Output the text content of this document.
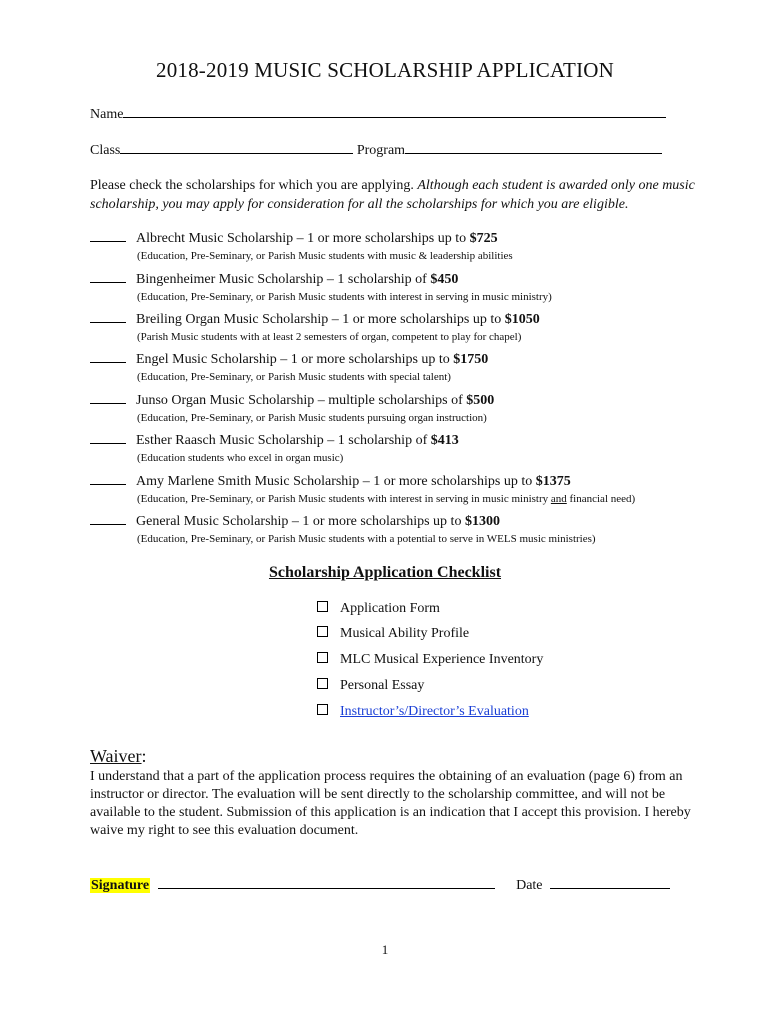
2018-2019 MUSIC SCHOLARSHIP APPLICATION
Name
Class	Program
Please check the scholarships for which you are applying. Although each student is awarded only one music scholarship, you may apply for consideration for all the scholarships for which you are eligible.
Albrecht Music Scholarship – 1 or more scholarships up to $725
(Education, Pre-Seminary, or Parish Music students with music & leadership abilities
Bingenheimer Music Scholarship – 1 scholarship of $450
(Education, Pre-Seminary, or Parish Music students with interest in serving in music ministry)
Breiling Organ Music Scholarship – 1 or more scholarships up to $1050
(Parish Music students with at least 2 semesters of organ, competent to play for chapel)
Engel Music Scholarship – 1 or more scholarships up to $1750
(Education, Pre-Seminary, or Parish Music students with special talent)
Junso Organ Music Scholarship – multiple scholarships of $500
(Education, Pre-Seminary, or Parish Music students pursuing organ instruction)
Esther Raasch Music Scholarship – 1 scholarship of $413
(Education students who excel in organ music)
Amy Marlene Smith Music Scholarship – 1 or more scholarships up to $1375
(Education, Pre-Seminary, or Parish Music students with interest in serving in music ministry and financial need)
General Music Scholarship – 1 or more scholarships up to $1300
(Education, Pre-Seminary, or Parish Music students with a potential to serve in WELS music ministries)
Scholarship Application Checklist
Application Form
Musical Ability Profile
MLC Musical Experience Inventory
Personal Essay
Instructor’s/Director’s Evaluation
Waiver:
I understand that a part of the application process requires the obtaining of an evaluation (page 6) from an instructor or director. The evaluation will be sent directly to the scholarship committee, and will not be available to the student. Submission of this application is an indication that I accept this provision. I hereby waive my right to see this evaluation document.
Signature	Date
1
